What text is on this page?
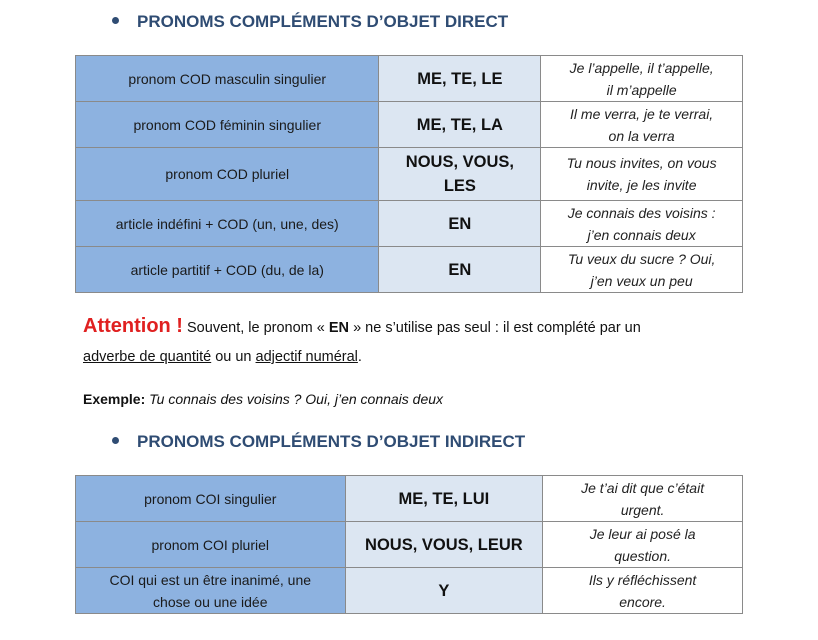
PRONOMS COMPLÉMENTS D’OBJET DIRECT
pronom COD masculin singulier	ME, TE, LE	Je l’appelle, il t’appelle,
il m’appelle
pronom COD féminin singulier	ME, TE, LA	Il me verra, je te verrai,
on la verra
pronom COD pluriel	NOUS, VOUS,
LES	Tu nous invites, on vous
invite, je les invite
article indéfini + COD (un, une, des)	EN	Je connais des voisins :
j’en connais deux
article partitif + COD (du, de la)	EN	Tu veux du sucre ? Oui,
j’en veux un peu
Attention ! Souvent, le pronom « EN » ne s’utilise pas seul : il est complété par un
adverbe de quantité ou un adjectif numéral.
Exemple: Tu connais des voisins ? Oui, j’en connais deux
PRONOMS COMPLÉMENTS D’OBJET INDIRECT
pronom COI singulier	ME, TE, LUI	Je t’ai dit que c’était
urgent.
pronom COI pluriel	NOUS, VOUS, LEUR	Je leur ai posé la
question.
COI qui est un être inanimé, une
chose ou une idée	Y	Ils y réfléchissent
encore.
